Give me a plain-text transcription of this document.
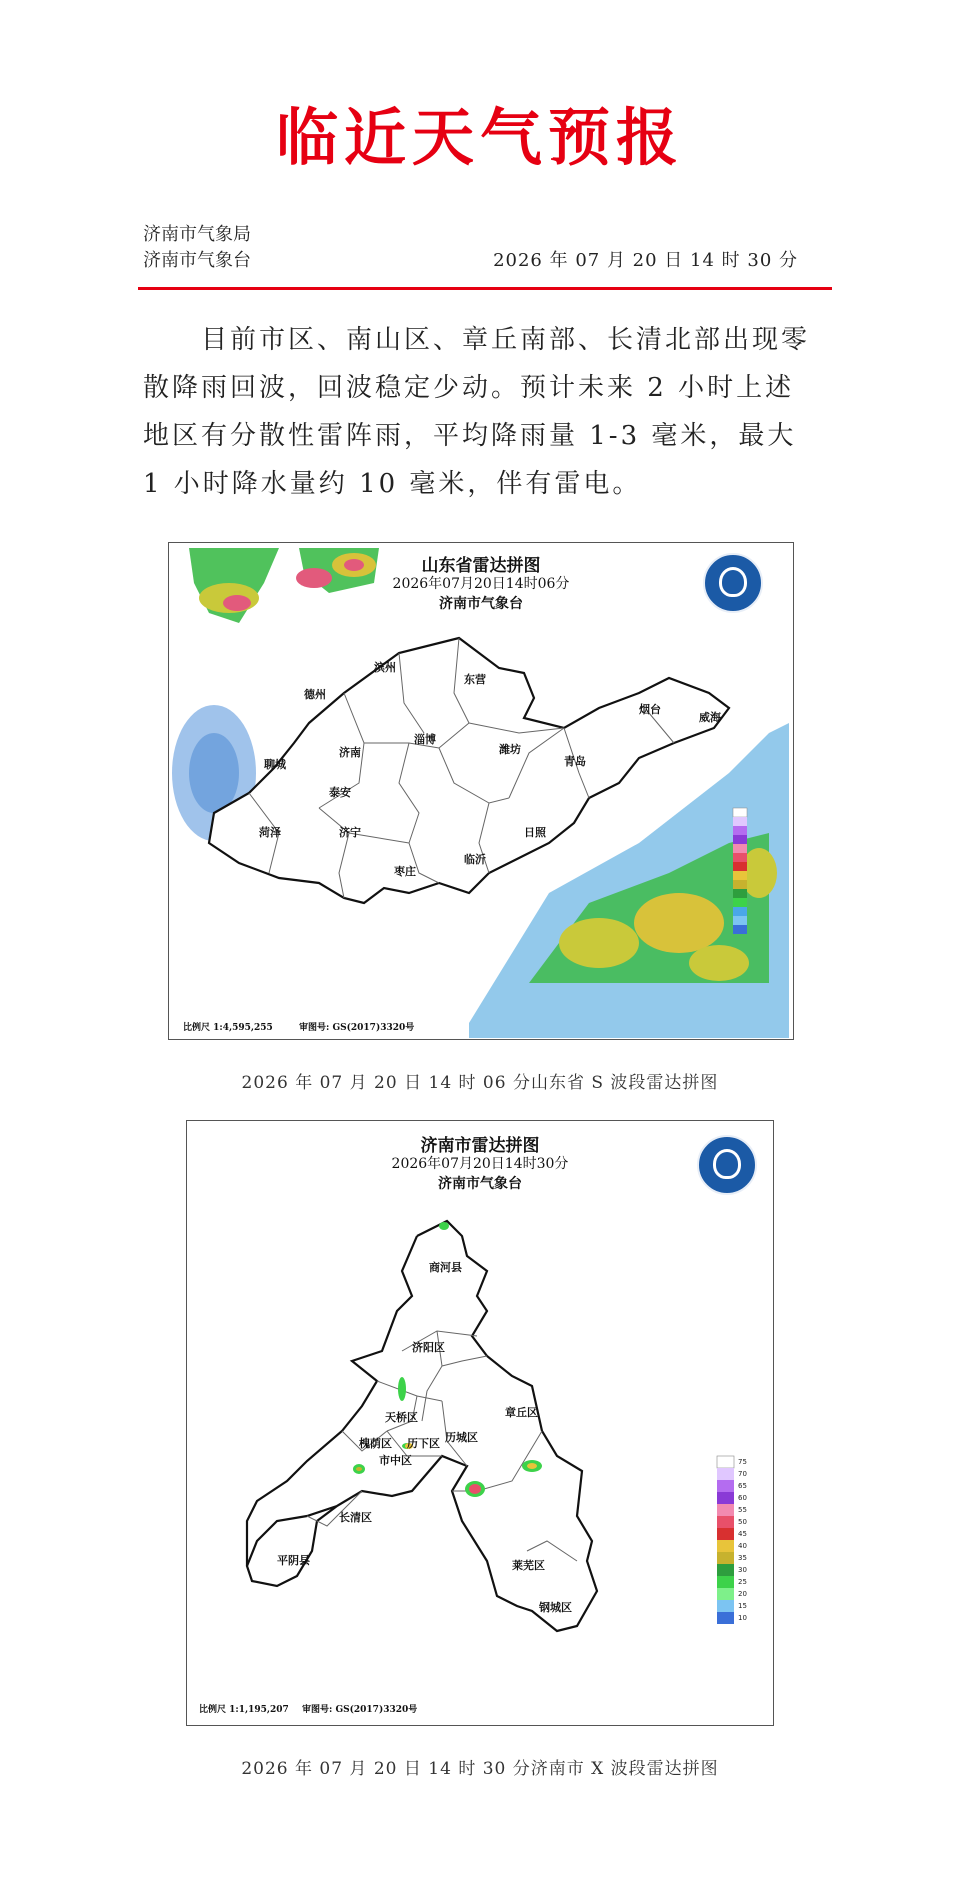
临近天气预报
济南市气象局
济南市气象台	2026 年 07 月 20 日 14 时 30 分

目前市区、南山区、章丘南部、长清北部出现零散降雨回波，回波稳定少动。预计未来 2 小时上述地区有分散性雷阵雨，平均降雨量 1-3 毫米，最大 1 小时降水量约 10 毫米，伴有雷电。

滨州
东营
德州
烟台
威海
淄博
济南	潍坊
聊城	青岛
泰安
日照
菏泽	济宁
临沂
枣庄
山东省雷达拼图
2026年07月20日14时06分
济南市气象台
比例尺 1:4,595,255	审图号: GS(2017)3320号
2026 年 07 月 20 日 14 时 06 分山东省 S 波段雷达拼图
商河县
济阳区
天桥区	章丘区
槐荫区 历下区 历城区
市中区
长清区
莱芜区
平阴县
钢城区
75
70
65
60
55
50
45
40
35
30
25
20
15
10
济南市雷达拼图
2026年07月20日14时30分
济南市气象台
比例尺 1:1,195,207 审图号: GS(2017)3320号
2026 年 07 月 20 日 14 时 30 分济南市 X 波段雷达拼图
